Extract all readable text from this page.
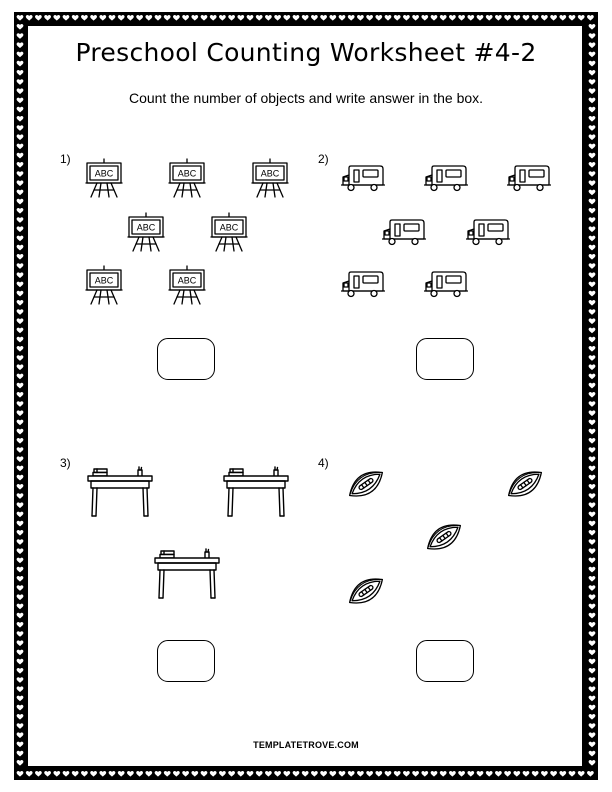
Preschool Counting Worksheet #4-2
Count the number of objects and write answer in the box.
1)
ABC	ABC	ABC
ABC	ABC
ABC	ABC
2)
3)	4)
TEMPLATETROVE.COM
